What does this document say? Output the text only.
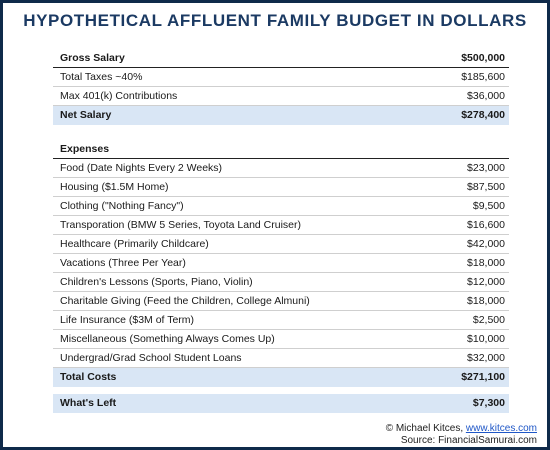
HYPOTHETICAL AFFLUENT FAMILY BUDGET IN DOLLARS
Gross Salary	$500,000
Total Taxes ~40%	$185,600
Max 401(k) Contributions	$36,000
Net Salary	$278,400
Expenses
Food (Date Nights Every 2 Weeks)	$23,000
Housing ($1.5M Home)	$87,500
Clothing ("Nothing Fancy")	$9,500
Transporation (BMW 5 Series, Toyota Land Cruiser)	$16,600
Healthcare (Primarily Childcare)	$42,000
Vacations (Three Per Year)	$18,000
Children's Lessons (Sports, Piano, Violin)	$12,000
Charitable Giving (Feed the Children, College Almuni)	$18,000
Life Insurance ($3M of Term)	$2,500
Miscellaneous (Something Always Comes Up)	$10,000
Undergrad/Grad School Student Loans	$32,000
Total Costs	$271,100
What's Left	$7,300
© Michael Kitces, www.kitces.com
Source: FinancialSamurai.com
